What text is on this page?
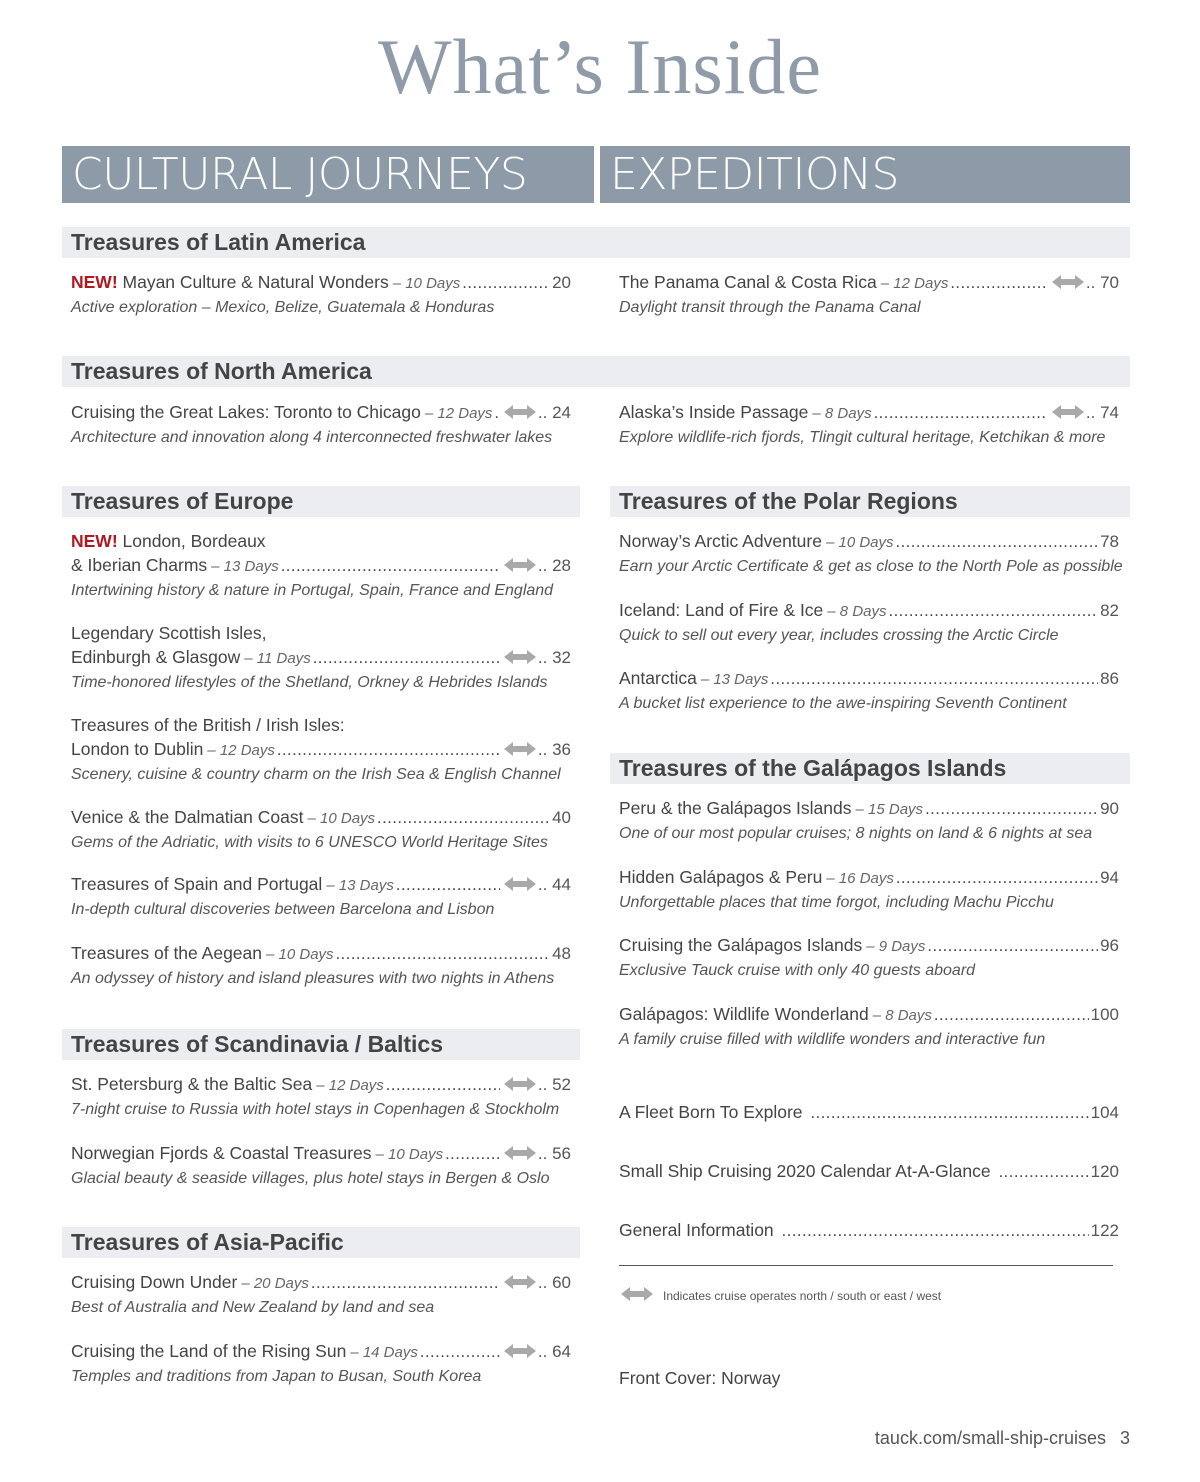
What’s Inside
CULTURAL JOURNEYS	EXPEDITIONS
Treasures of Latin America
Treasures of North America
Treasures of Europe	Treasures of the Polar Regions
Treasures of the Galápagos Islands
Treasures of Scandinavia / Baltics
Treasures of Asia-Pacific
NEW! Mayan Culture & Natural Wonders – 10 Days .....	20
Active exploration – Mexico, Belize, Guatemala & Honduras
Cruising the Great Lakes: Toronto to Chicago – 12 Days .....	.. 24
Architecture and innovation along 4 interconnected freshwater lakes
NEW! London, Bordeaux
& Iberian Charms – 13 Days .....	.. 28
Intertwining history & nature in Portugal, Spain, France and England
Legendary Scottish Isles,
Edinburgh & Glasgow – 11 Days .....	.. 32
Time-honored lifestyles of the Shetland, Orkney & Hebrides Islands
Treasures of the British / Irish Isles:
London to Dublin – 12 Days .....	.. 36
Scenery, cuisine & country charm on the Irish Sea & English Channel
Venice & the Dalmatian Coast – 10 Days .....	40
Gems of the Adriatic, with visits to 6 UNESCO World Heritage Sites
Treasures of Spain and Portugal – 13 Days .....	.. 44
In-depth cultural discoveries between Barcelona and Lisbon
Treasures of the Aegean – 10 Days .....	48
An odyssey of history and island pleasures with two nights in Athens
St. Petersburg & the Baltic Sea – 12 Days .....	.. 52
7-night cruise to Russia with hotel stays in Copenhagen & Stockholm
Norwegian Fjords & Coastal Treasures – 10 Days .....	.. 56
Glacial beauty & seaside villages, plus hotel stays in Bergen & Oslo
Cruising Down Under – 20 Days .....	.. 60
Best of Australia and New Zealand by land and sea
Cruising the Land of the Rising Sun – 14 Days .....	.. 64
Temples and traditions from Japan to Busan, South Korea
The Panama Canal & Costa Rica – 12 Days .....	.. 70
Daylight transit through the Panama Canal
Alaska’s Inside Passage – 8 Days .....	.. 74
Explore wildlife-rich fjords, Tlingit cultural heritage, Ketchikan & more
Norway’s Arctic Adventure – 10 Days .....	78
Earn your Arctic Certificate & get as close to the North Pole as possible
Iceland: Land of Fire & Ice – 8 Days .....	82
Quick to sell out every year, includes crossing the Arctic Circle
Antarctica – 13 Days .....	86
A bucket list experience to the awe-inspiring Seventh Continent
Peru & the Galápagos Islands – 15 Days .....	90
One of our most popular cruises; 8 nights on land & 6 nights at sea
Hidden Galápagos & Peru – 16 Days .....	94
Unforgettable places that time forgot, including Machu Picchu
Cruising the Galápagos Islands – 9 Days .....	96
Exclusive Tauck cruise with only 40 guests aboard
Galápagos: Wildlife Wonderland – 8 Days .....	100
A family cruise filled with wildlife wonders and interactive fun
A Fleet Born To Explore .....	104
Small Ship Cruising 2020 Calendar At-A-Glance .....	120
General Information .....	122
Indicates cruise operates north / south or east / west
Front Cover: Norway
tauck.com/small-ship-cruises 3
